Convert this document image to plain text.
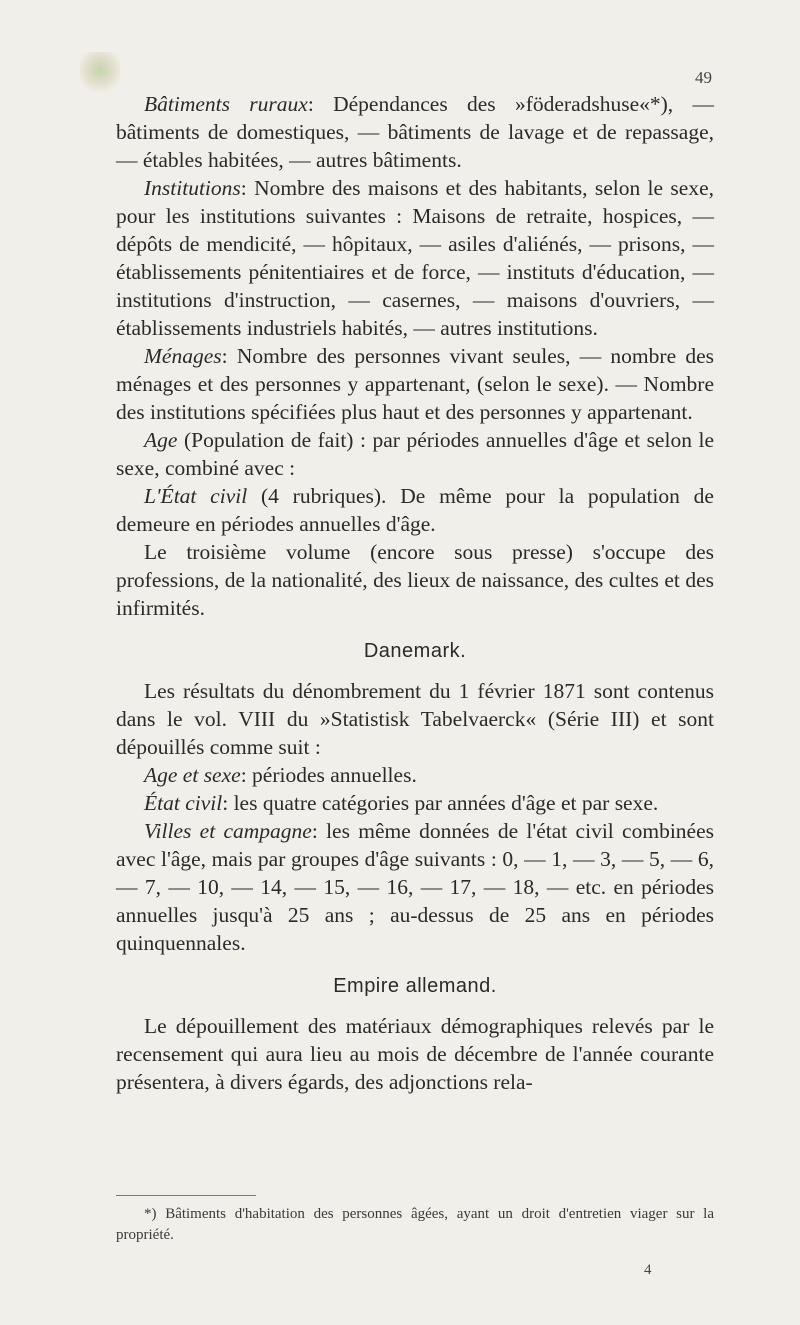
49

Bâtiments ruraux: Dépendances des »föderadshuse«*), — bâtiments de domestiques, — bâtiments de lavage et de repassage, — étables habitées, — autres bâtiments.

Institutions: Nombre des maisons et des habitants, selon le sexe, pour les institutions suivantes : Maisons de retraite, hospices, — dépôts de mendicité, — hôpitaux, — asiles d'aliénés, — prisons, — établissements pénitentiaires et de force, — instituts d'éducation, — institutions d'instruction, — casernes, — maisons d'ouvriers, — établissements industriels habités, — autres institutions.

Ménages: Nombre des personnes vivant seules, — nombre des ménages et des personnes y appartenant, (selon le sexe). — Nombre des institutions spécifiées plus haut et des personnes y appartenant.

Age (Population de fait) : par périodes annuelles d'âge et selon le sexe, combiné avec :

L'État civil (4 rubriques). De même pour la population de demeure en périodes annuelles d'âge.

Le troisième volume (encore sous presse) s'occupe des professions, de la nationalité, des lieux de naissance, des cultes et des infirmités.

Danemark.

Les résultats du dénombrement du 1 février 1871 sont contenus dans le vol. VIII du »Statistisk Tabelvaerck« (Série III) et sont dépouillés comme suit :

Age et sexe: périodes annuelles.

État civil: les quatre catégories par années d'âge et par sexe.

Villes et campagne: les même données de l'état civil combinées avec l'âge, mais par groupes d'âge suivants : 0, — 1, — 3, — 5, — 6, — 7, — 10, — 14, — 15, — 16, — 17, — 18, — etc. en périodes annuelles jusqu'à 25 ans ; au-dessus de 25 ans en périodes quinquennales.

Empire allemand.

Le dépouillement des matériaux démographiques relevés par le recensement qui aura lieu au mois de décembre de l'année courante présentera, à divers égards, des adjonctions rela-

*) Bâtiments d'habitation des personnes âgées, ayant un droit d'entretien viager sur la propriété.
4
